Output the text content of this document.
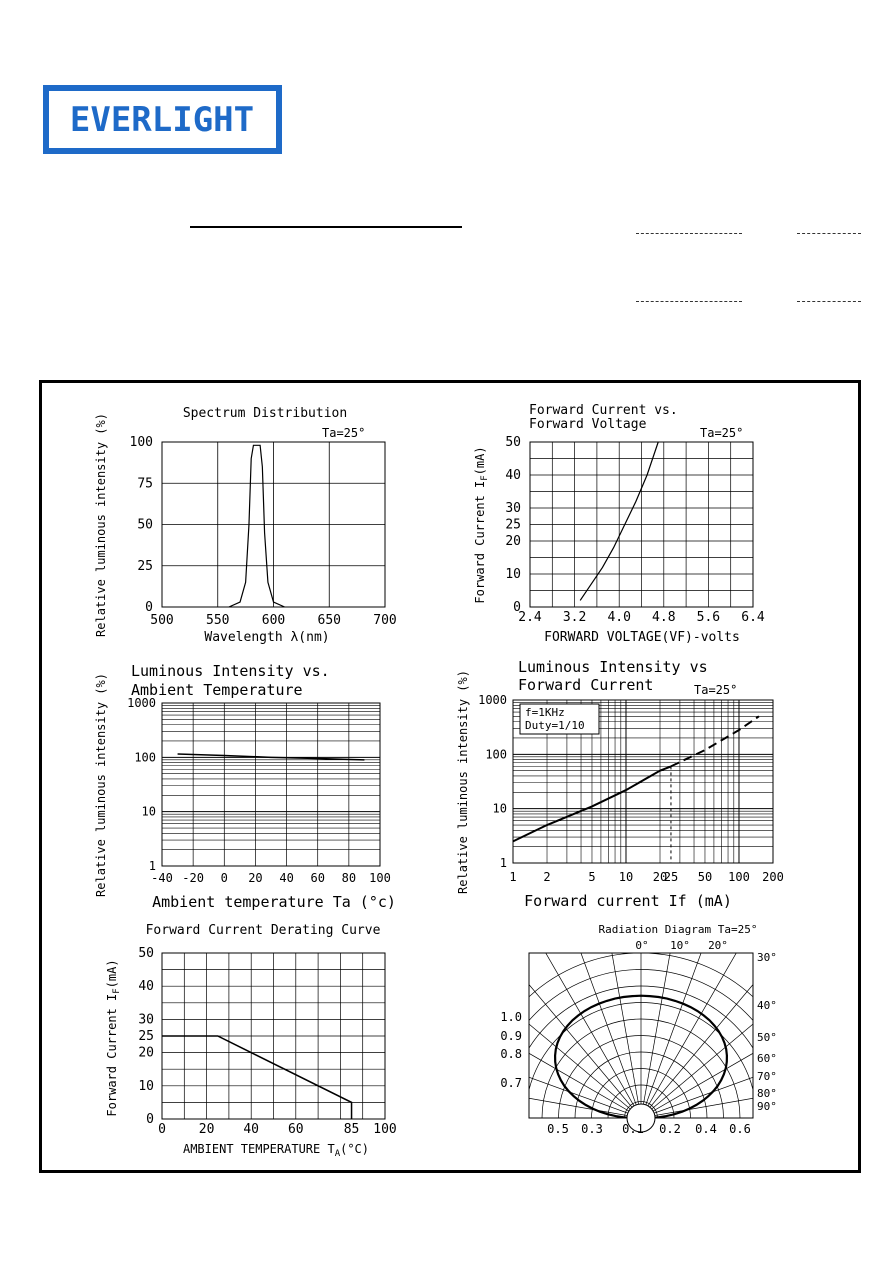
EVERLIGHT
Spectrum Distribution
Ta=25°
500 550 600 650 700
0
25
50
75
100
Relative luminous intensity (%)
Wavelength λ(nm)
Forward Current vs.
Forward Voltage
Ta=25°
2.4 3.2 4.0 4.8 5.6 6.4
0
10
20
25
30
40
50
Forward Current $I_F(mA)$
FORWARD VOLTAGE(VF)-volts
Luminous Intensity vs.
Ambient Temperature
-40 -20 0 20 40 60 80 100
1
10
100
1000
Relative luminous intensity (%)
Ambient temperature Ta (°c)
Luminous Intensity vs
Forward Current	Ta=25°
f=1KHz
Duty=1/10
1 2	5 10 20
25 50 100 200
1
10
100
1000
Relative luminous intensity (%)
Forward current If (mA)
Forward Current Derating Curve
0	20 40 60	85 100
0
10
20
25
30
40
50
Forward Current $I_F(mA)$
AMBIENT TEMPERATURE $T_A(^\circ C)$
Radiation Diagram Ta=25°
0° 10° 20°
30°
40°
50°
60°
70°
80°
90°
1.0
0.9
0.8
0.7
0.5 0.3 0.1 0.2 0.4 0.6
